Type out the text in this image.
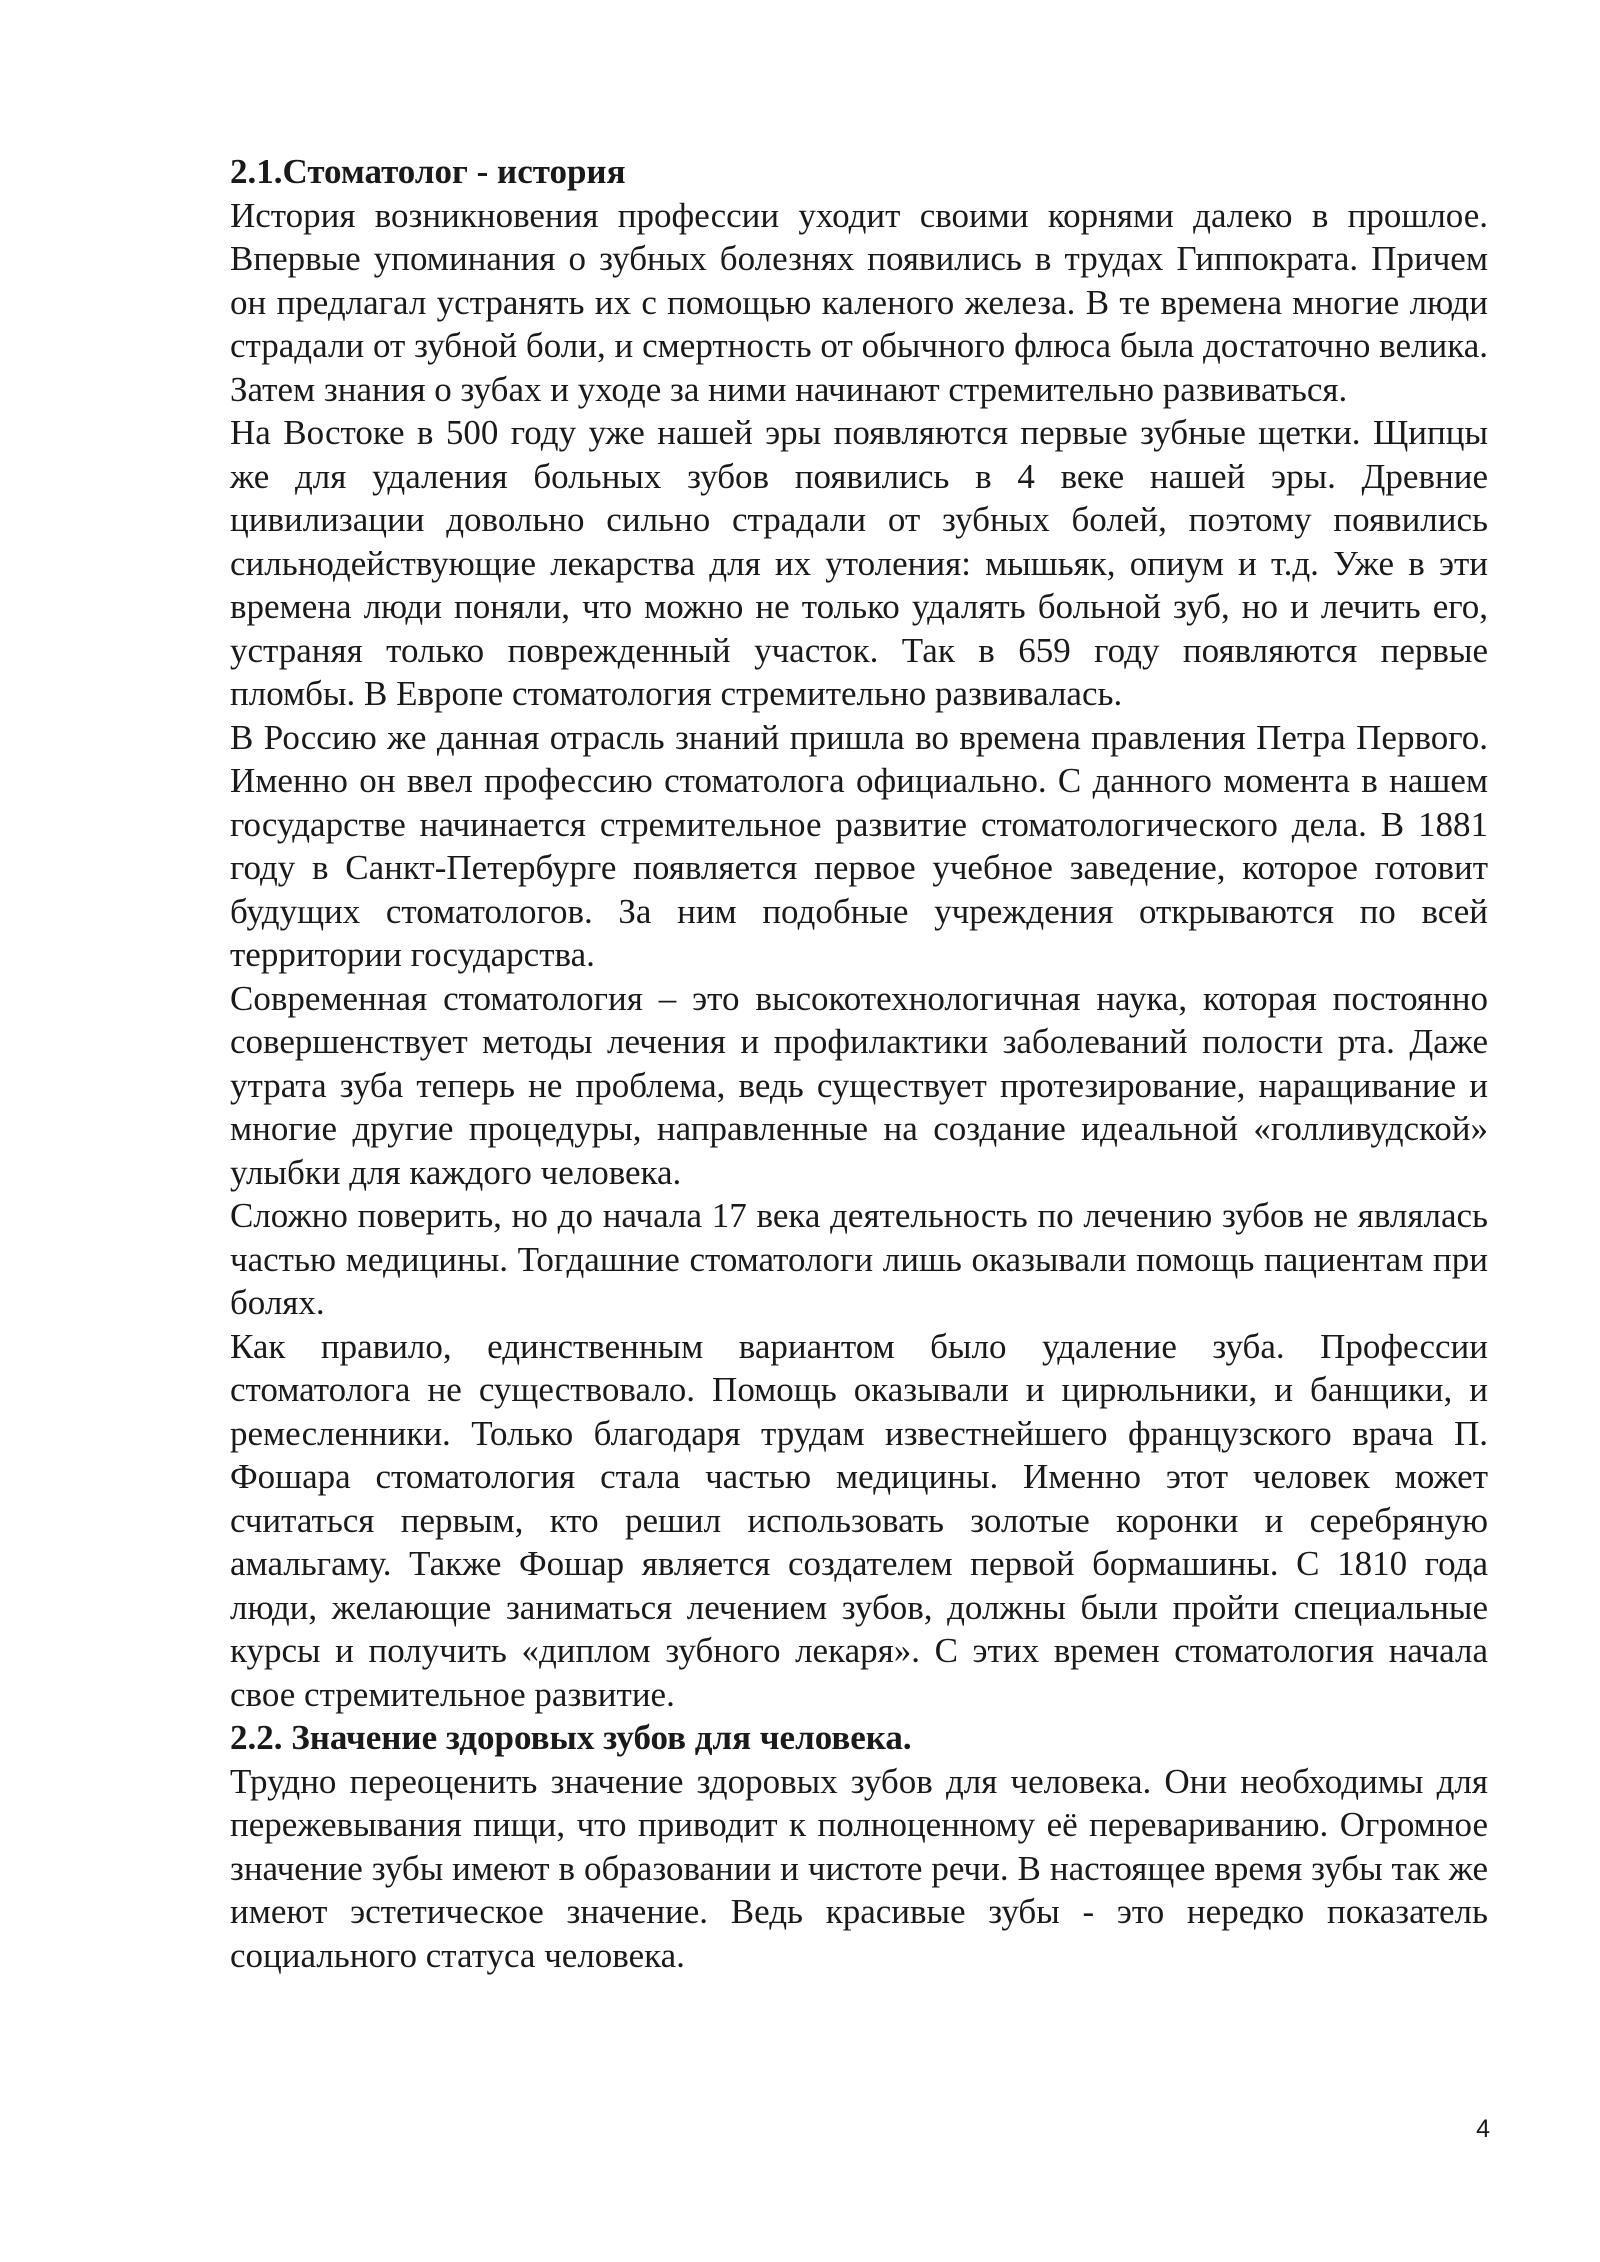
2.1.Стоматолог - история

История возникновения профессии уходит своими корнями далеко в прошлое. Впервые упоминания о зубных болезнях появились в трудах Гиппократа. Причем он предлагал устранять их с помощью каленого железа. В те времена многие люди страдали от зубной боли, и смертность от обычного флюса была достаточно велика. Затем знания о зубах и уходе за ними начинают стремительно развиваться.

На Востоке в 500 году уже нашей эры появляются первые зубные щетки. Щипцы же для удаления больных зубов появились в 4 веке нашей эры. Древние цивилизации довольно сильно страдали от зубных болей, поэтому появились сильнодействующие лекарства для их утоления: мышьяк, опиум и т.д. Уже в эти времена люди поняли, что можно не только удалять больной зуб, но и лечить его, устраняя только поврежденный участок. Так в 659 году появляются первые пломбы. В Европе стоматология стремительно развивалась.

В Россию же данная отрасль знаний пришла во времена правления Петра Первого. Именно он ввел профессию стоматолога официально. С данного момента в нашем государстве начинается стремительное развитие стоматологического дела. В 1881 году в Санкт-Петербурге появляется первое учебное заведение, которое готовит будущих стоматологов. За ним подобные учреждения открываются по всей территории государства.

Современная стоматология – это высокотехнологичная наука, которая постоянно совершенствует методы лечения и профилактики заболеваний полости рта. Даже утрата зуба теперь не проблема, ведь существует протезирование, наращивание и многие другие процедуры, направленные на создание идеальной «голливудской» улыбки для каждого человека.

Сложно поверить, но до начала 17 века деятельность по лечению зубов не являлась частью медицины. Тогдашние стоматологи лишь оказывали помощь пациентам при болях.

Как правило, единственным вариантом было удаление зуба. Профессии стоматолога не существовало. Помощь оказывали и цирюльники, и банщики, и ремесленники. Только благодаря трудам известнейшего французского врача П. Фошара стоматология стала частью медицины. Именно этот человек может считаться первым, кто решил использовать золотые коронки и серебряную амальгаму. Также Фошар является создателем первой бормашины. С 1810 года люди, желающие заниматься лечением зубов, должны были пройти специальные курсы и получить «диплом зубного лекаря». С этих времен стоматология начала свое стремительное развитие.

2.2. Значение здоровых зубов для человека.

Трудно переоценить значение здоровых зубов для человека. Они необходимы для пережевывания пищи, что приводит к полноценному её перевариванию. Огромное значение зубы имеют в образовании и чистоте речи. В настоящее время зубы так же имеют эстетическое значение. Ведь красивые зубы - это нередко показатель социального статуса человека.

4
